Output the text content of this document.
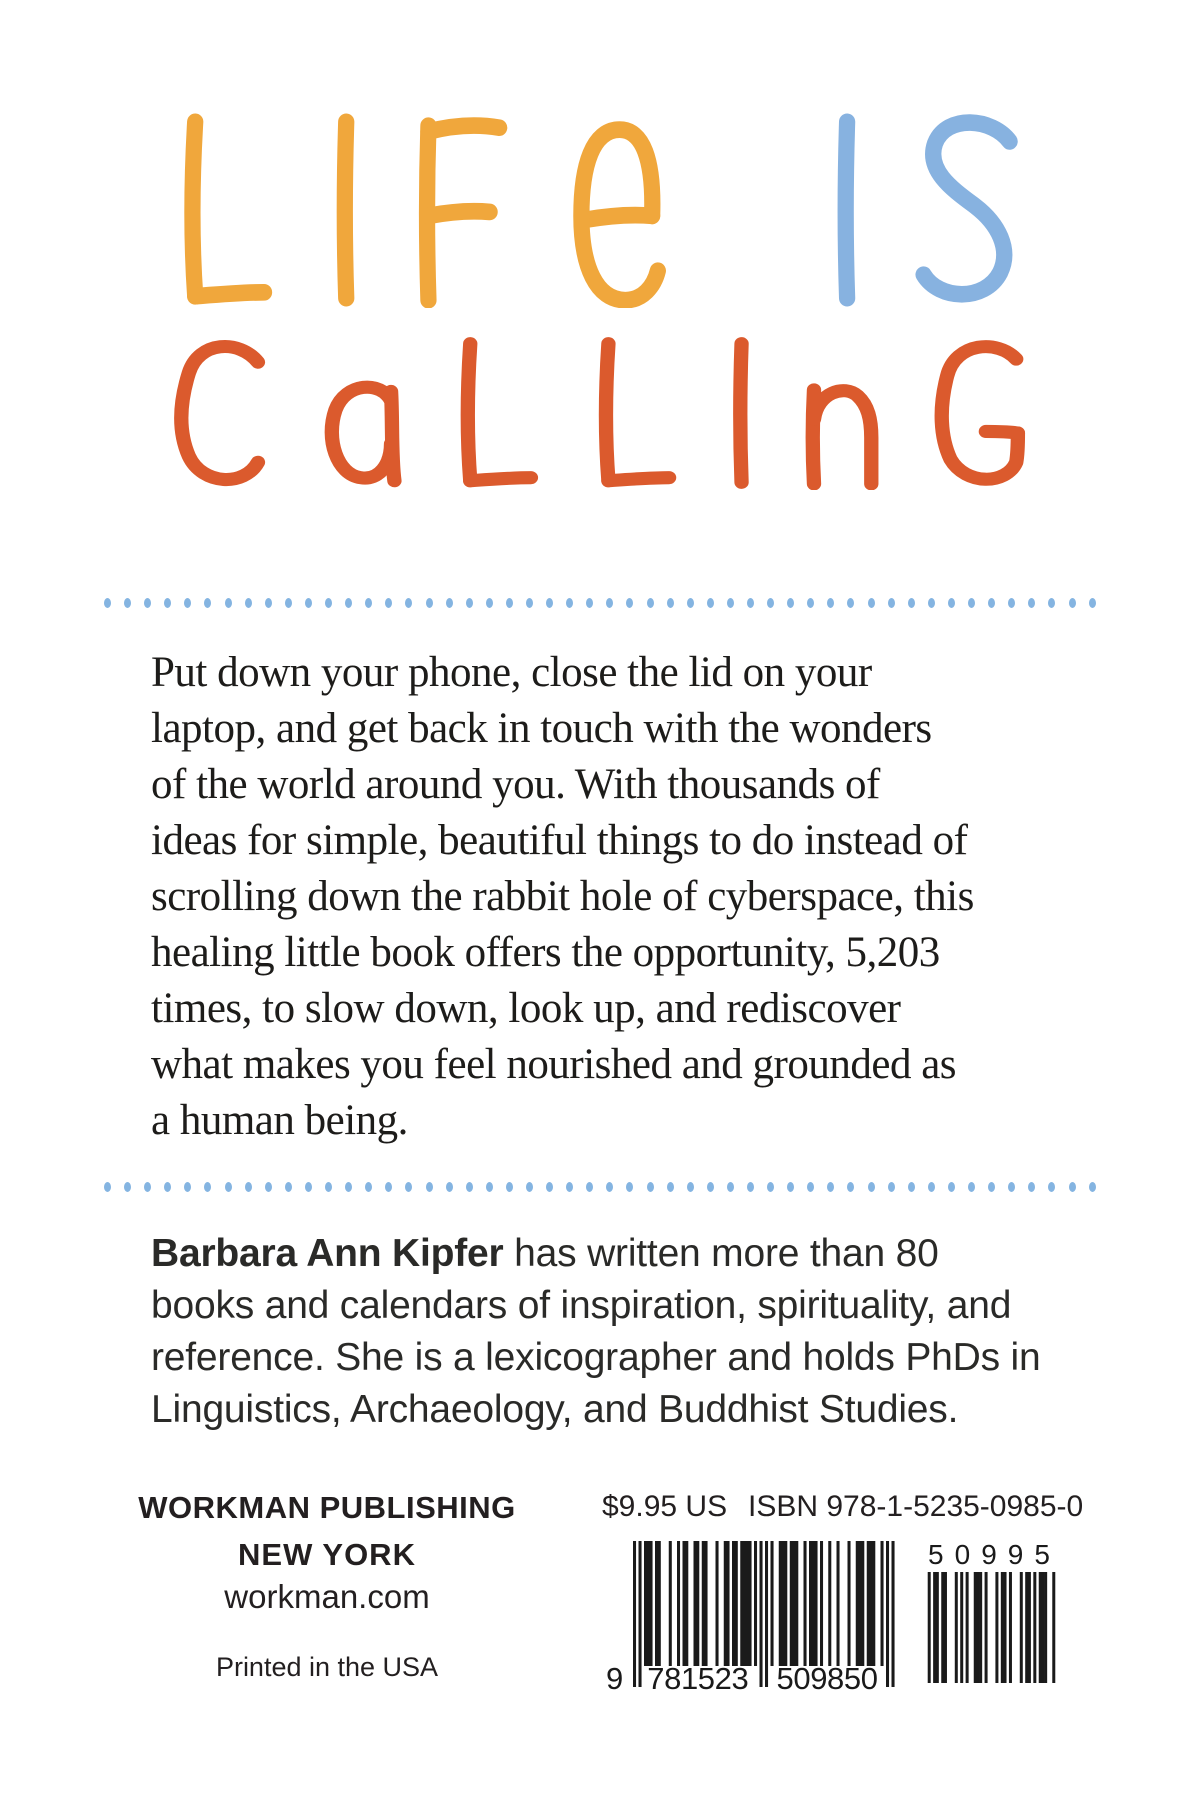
Put down your phone, close the lid on your
laptop, and get back in touch with the wonders
of the world around you. With thousands of
ideas for simple, beautiful things to do instead of
scrolling down the rabbit hole of cyberspace, this
healing little book offers the opportunity, 5,203
times, to slow down, look up, and rediscover
what makes you feel nourished and grounded as
a human being.
Barbara Ann Kipfer has written more than 80
books and calendars of inspiration, spirituality, and
reference. She is a lexicographer and holds PhDs in
Linguistics, Archaeology, and Buddhist Studies.
WORKMAN PUBLISHING
NEW YORK
workman.com
Printed in the USA
$9.95 US ISBN 978-1-5235-0985-0
9 781523 509850
50995
